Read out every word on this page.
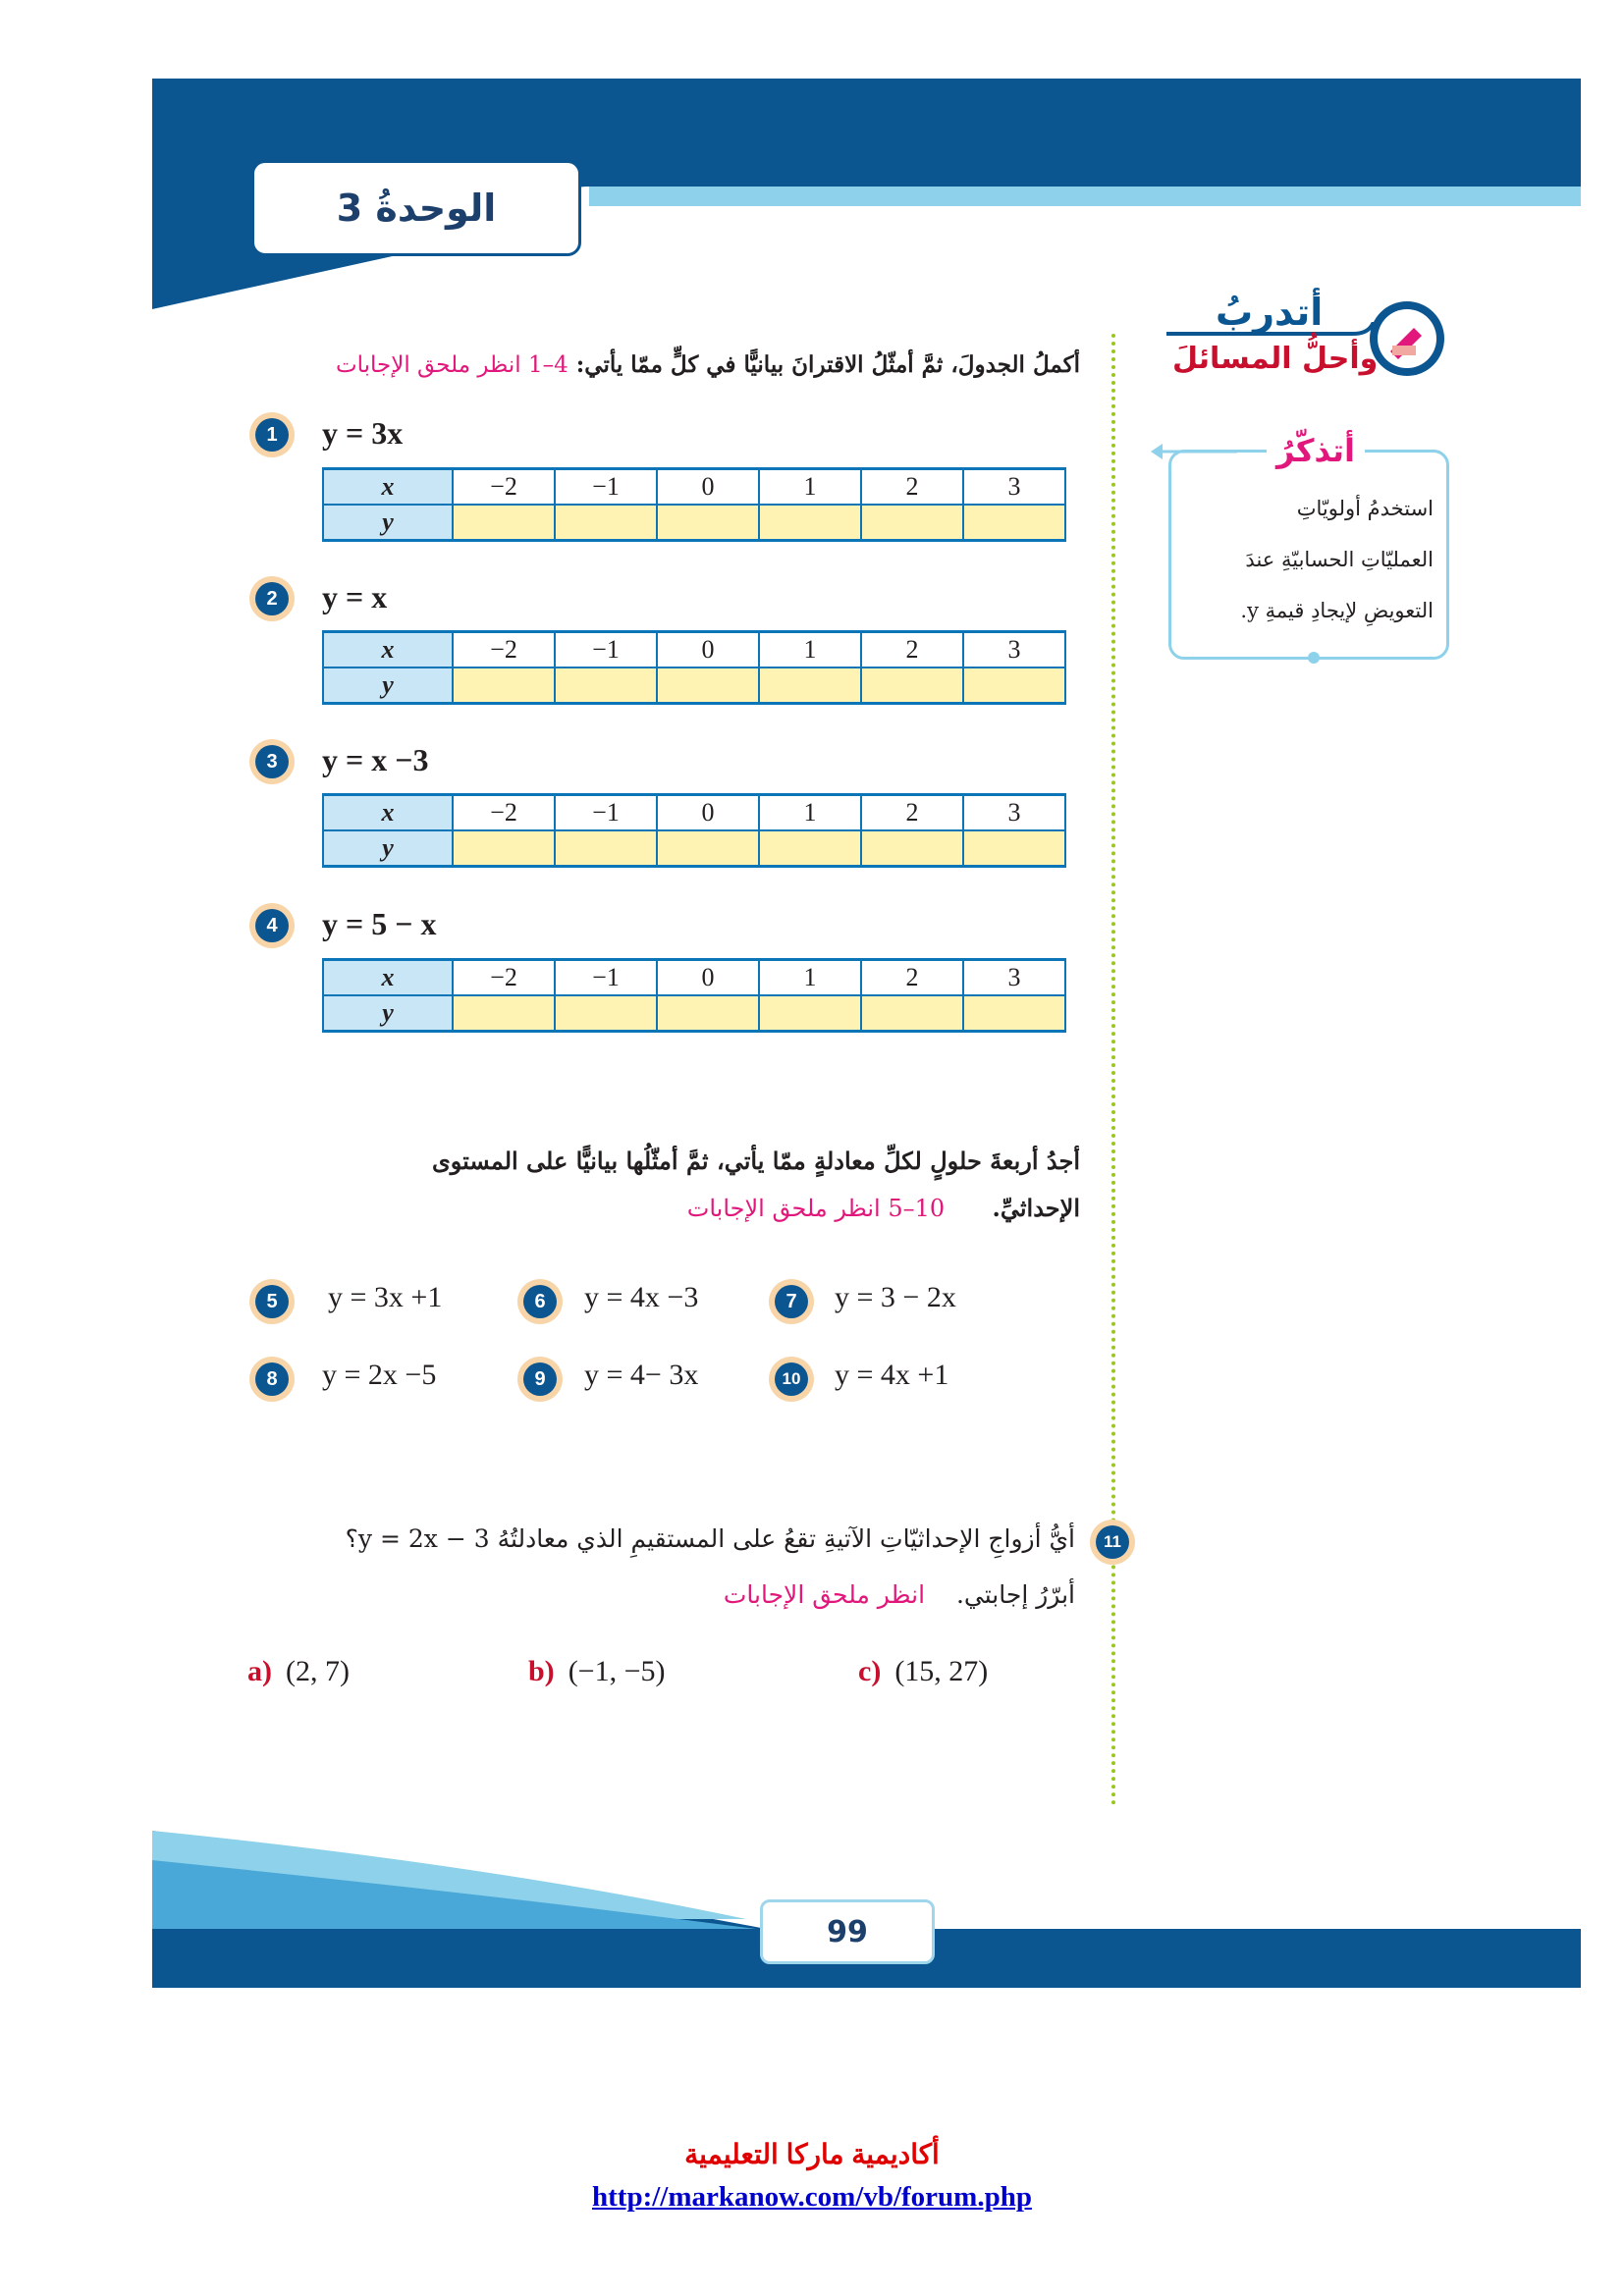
الوحدةُ 3
أتدربُ
وأحلُّ المسائلَ
أتذكّرُ
استخدمُ أولويّاتِ
العمليّاتِ الحسابيّةِ عندَ
التعويضِ لإيجادِ قيمةِ y.
أكملُ الجدولَ، ثمَّ أمثّلُ الاقترانَ بيانيًّا في كلٍّ ممّا يأتي: 4–1 انظر ملحق الإجابات
1	y = 3x
x	−2	−1	0	1	2	3
y						
2	y = x
x	−2	−1	0	1	2	3
y						
3	y = x −3
x	−2	−1	0	1	2	3
y						
4	y = 5 − x
x	−2	−1	0	1	2	3
y						
أجدُ أربعةَ حلولٍ لكلِّ معادلةٍ ممّا يأتي، ثمَّ أمثّلُها بيانيًّا على المستوى
الإحداثيِّ. 10–5 انظر ملحق الإجابات
5	y = 3x +1	6	y = 4x −3	7	y = 3 − 2x
8	y = 2x −5	9	y = 4− 3x	10 y = 4x +1
11
أيُّ أزواجِ الإحداثيّاتِ الآتيةِ تقعُ على المستقيمِ الذي معادلتُهُ y = 2x − 3؟
أبرّرُ إجابتي. انظر ملحق الإجابات
a) (2, 7)	b) (−1, −5)	c) (15, 27)
99
أكاديمية ماركا التعليمية
http://markanow.com/vb/forum.php
